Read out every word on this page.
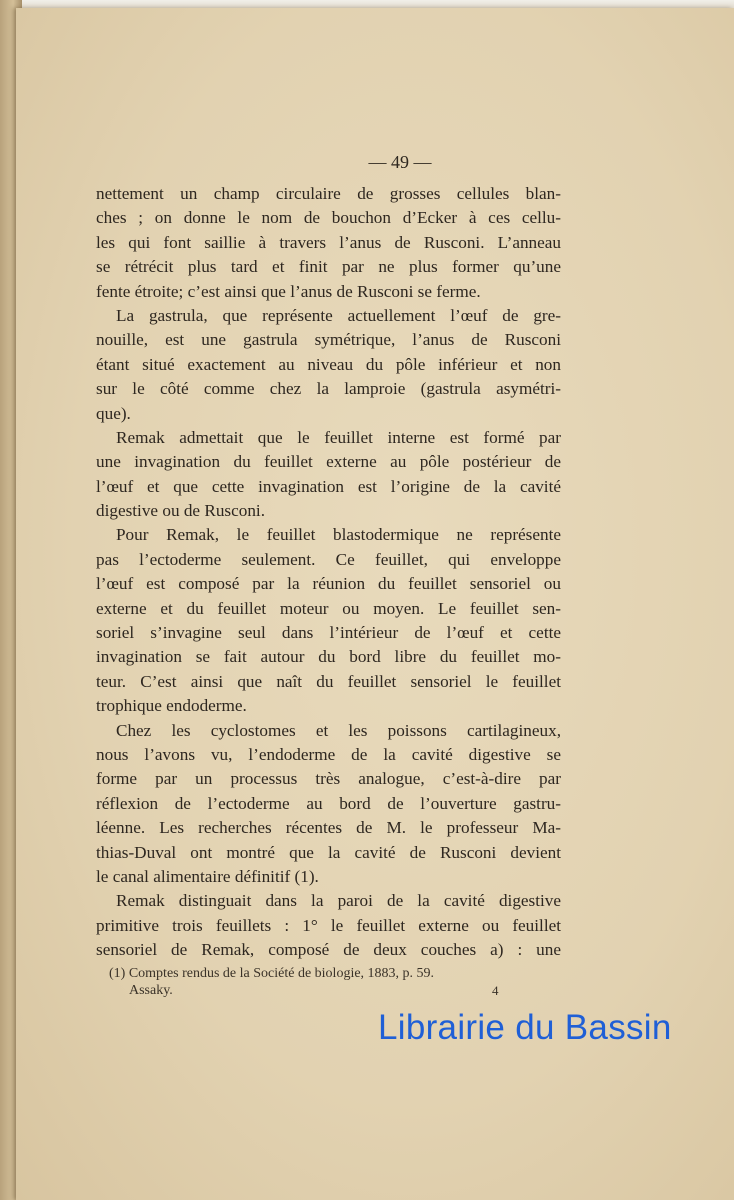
— 49 —
nettement un champ circulaire de grosses cellules blan-
ches ; on donne le nom de bouchon d’Ecker à ces cellu-
les qui font saillie à travers l’anus de Rusconi. L’anneau
se rétrécit plus tard et finit par ne plus former qu’une
fente étroite; c’est ainsi que l’anus de Rusconi se ferme.
La gastrula, que représente actuellement l’œuf de gre-
nouille, est une gastrula symétrique, l’anus de Rusconi
étant situé exactement au niveau du pôle inférieur et non
sur le côté comme chez la lamproie (gastrula asymétri-
que).
Remak admettait que le feuillet interne est formé par
une invagination du feuillet externe au pôle postérieur de
l’œuf et que cette invagination est l’origine de la cavité
digestive ou de Rusconi.
Pour Remak, le feuillet blastodermique ne représente
pas l’ectoderme seulement. Ce feuillet, qui enveloppe
l’œuf est composé par la réunion du feuillet sensoriel ou
externe et du feuillet moteur ou moyen. Le feuillet sen-
soriel s’invagine seul dans l’intérieur de l’œuf et cette
invagination se fait autour du bord libre du feuillet mo-
teur. C’est ainsi que naît du feuillet sensoriel le feuillet
trophique endoderme.
Chez les cyclostomes et les poissons cartilagineux,
nous l’avons vu, l’endoderme de la cavité digestive se
forme par un processus très analogue, c’est-à-dire par
réflexion de l’ectoderme au bord de l’ouverture gastru-
léenne. Les recherches récentes de M. le professeur Ma-
thias-Duval ont montré que la cavité de Rusconi devient
le canal alimentaire définitif (1).
Remak distinguait dans la paroi de la cavité digestive
primitive trois feuillets : 1° le feuillet externe ou feuillet
sensoriel de Remak, composé de deux couches a) : une
(1) Comptes rendus de la Société de biologie, 1883, p. 59.
Assaky.	4
Librairie du Bassin
